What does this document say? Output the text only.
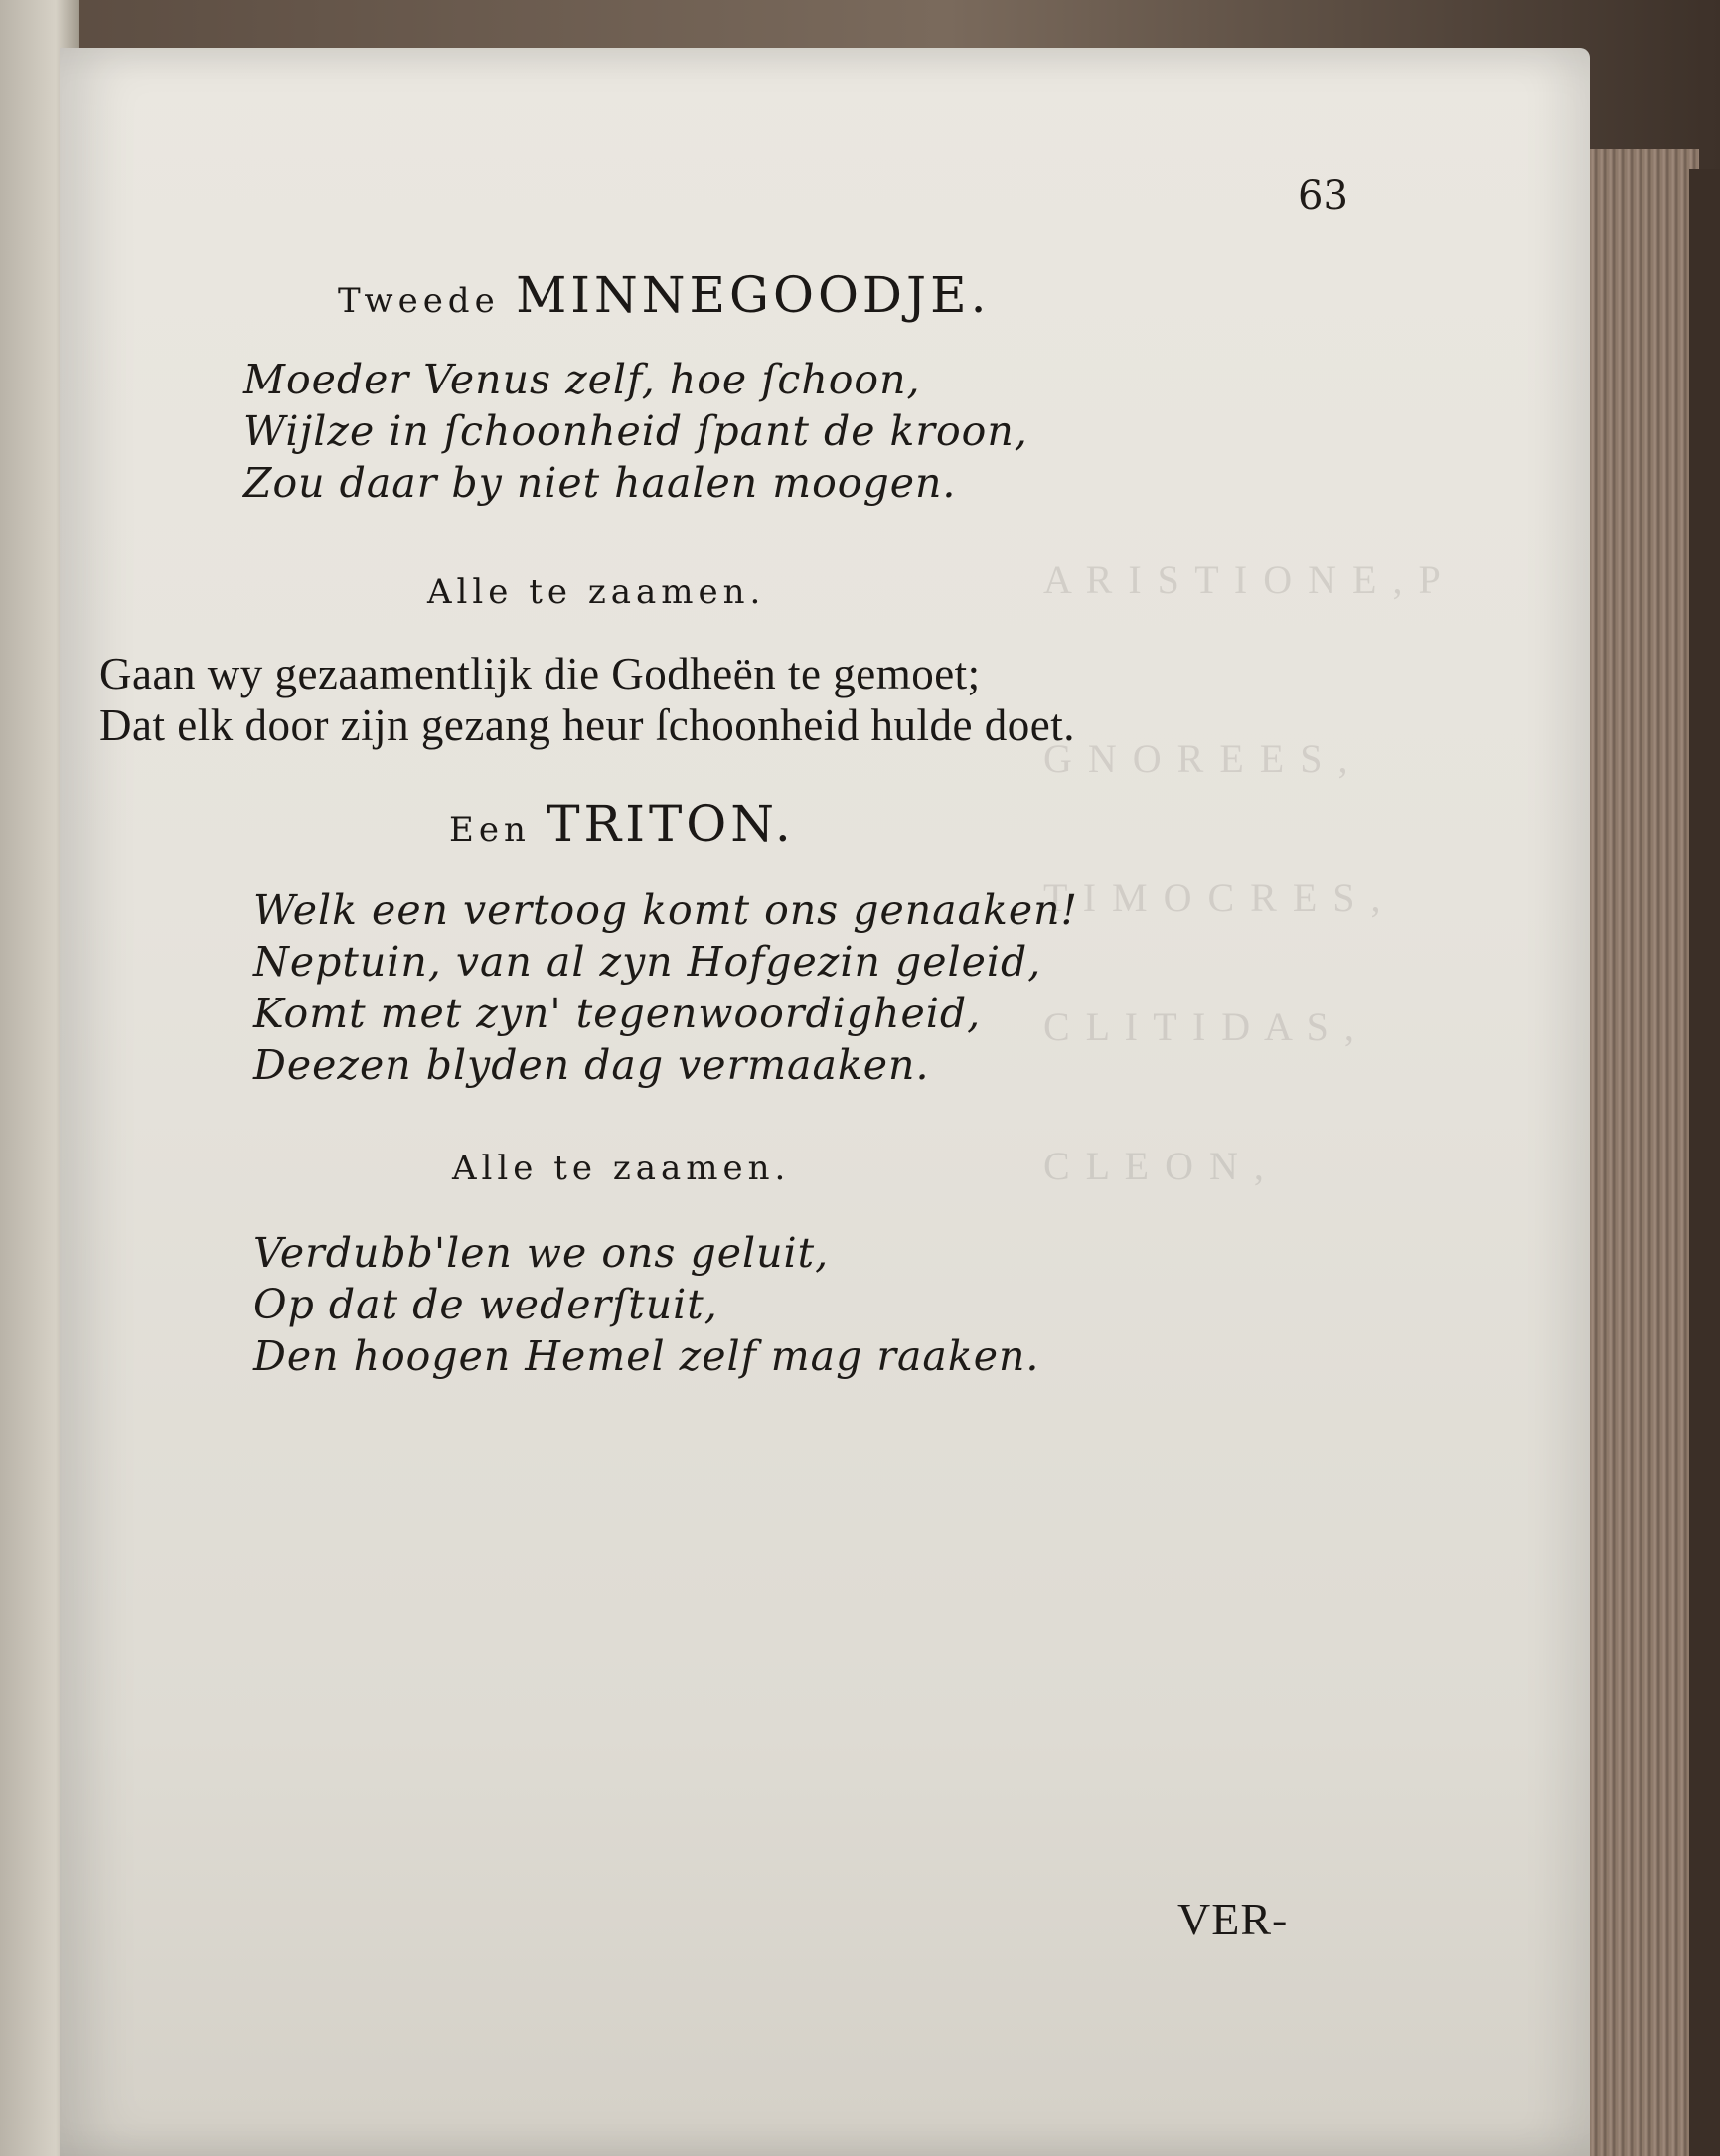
A R I S T I O N E , P
G N O R E E S ,
T I M O C R E S ,
C L I T I D A S ,
C L E O N ,
63
Tweede MINNEGOODJE.
Moeder Venus zelf, hoe ſchoon,
Wijlze in ſchoonheid ſpant de kroon,
Zou daar by niet haalen moogen.
Alle te zaamen.
Gaan wy gezaamentlijk die Godheën te gemoet;
Dat elk door zijn gezang heur ſchoonheid hulde doet.
Een TRITON.
Welk een vertoog komt ons genaaken!
Neptuin, van al zyn Hofgezin geleid,
Komt met zyn' tegenwoordigheid,
Deezen blyden dag vermaaken.
Alle te zaamen.
Verdubb'len we ons geluit,
Op dat de wederſtuit,
Den hoogen Hemel zelf mag raaken.
VER-
